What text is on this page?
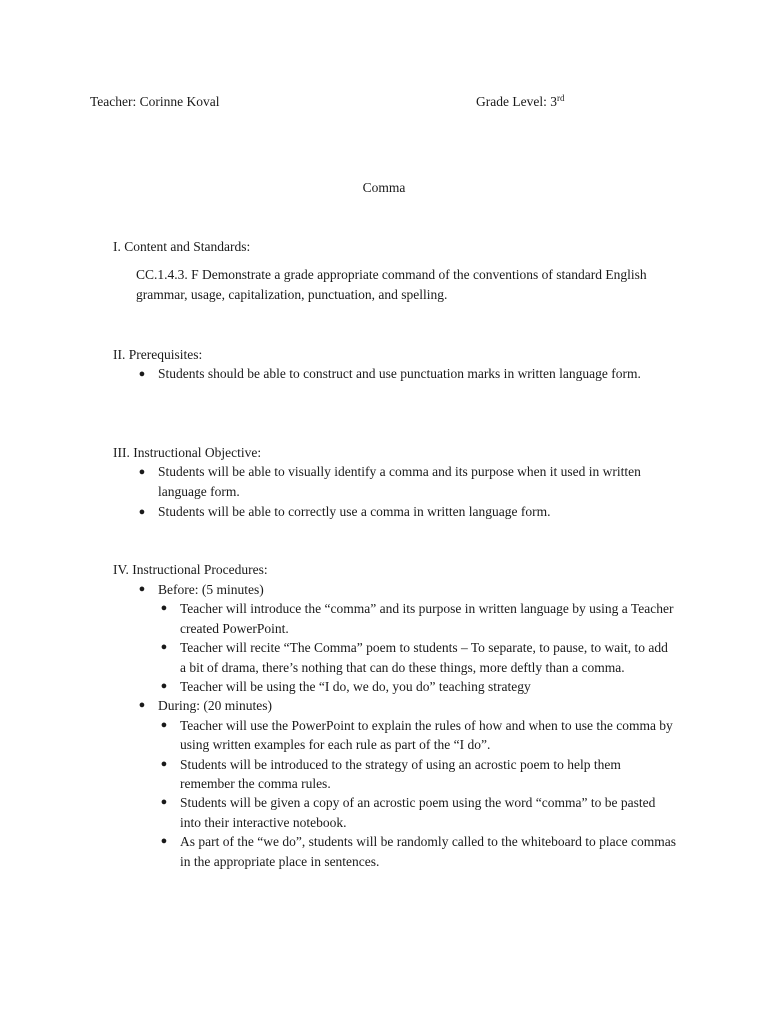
Teacher: Corinne Koval	Grade Level: 3rd
Comma
I. Content and Standards:
CC.1.4.3. F Demonstrate a grade appropriate command of the conventions of standard English grammar, usage, capitalization, punctuation, and spelling.
II. Prerequisites:
● Students should be able to construct and use punctuation marks in written language form.
III. Instructional Objective:
● Students will be able to visually identify a comma and its purpose when it used in written language form.
● Students will be able to correctly use a comma in written language form.
IV. Instructional Procedures:
● Before: (5 minutes)
● Teacher will introduce the “comma” and its purpose in written language by using a Teacher created PowerPoint.
● Teacher will recite “The Comma” poem to students – To separate, to pause, to wait, to add a bit of drama, there’s nothing that can do these things, more deftly than a comma.
● Teacher will be using the “I do, we do, you do” teaching strategy
● During: (20 minutes)
● Teacher will use the PowerPoint to explain the rules of how and when to use the comma by using written examples for each rule as part of the “I do”.
● Students will be introduced to the strategy of using an acrostic poem to help them remember the comma rules.
● Students will be given a copy of an acrostic poem using the word “comma” to be pasted into their interactive notebook.
● As part of the “we do”, students will be randomly called to the whiteboard to place commas in the appropriate place in sentences.
